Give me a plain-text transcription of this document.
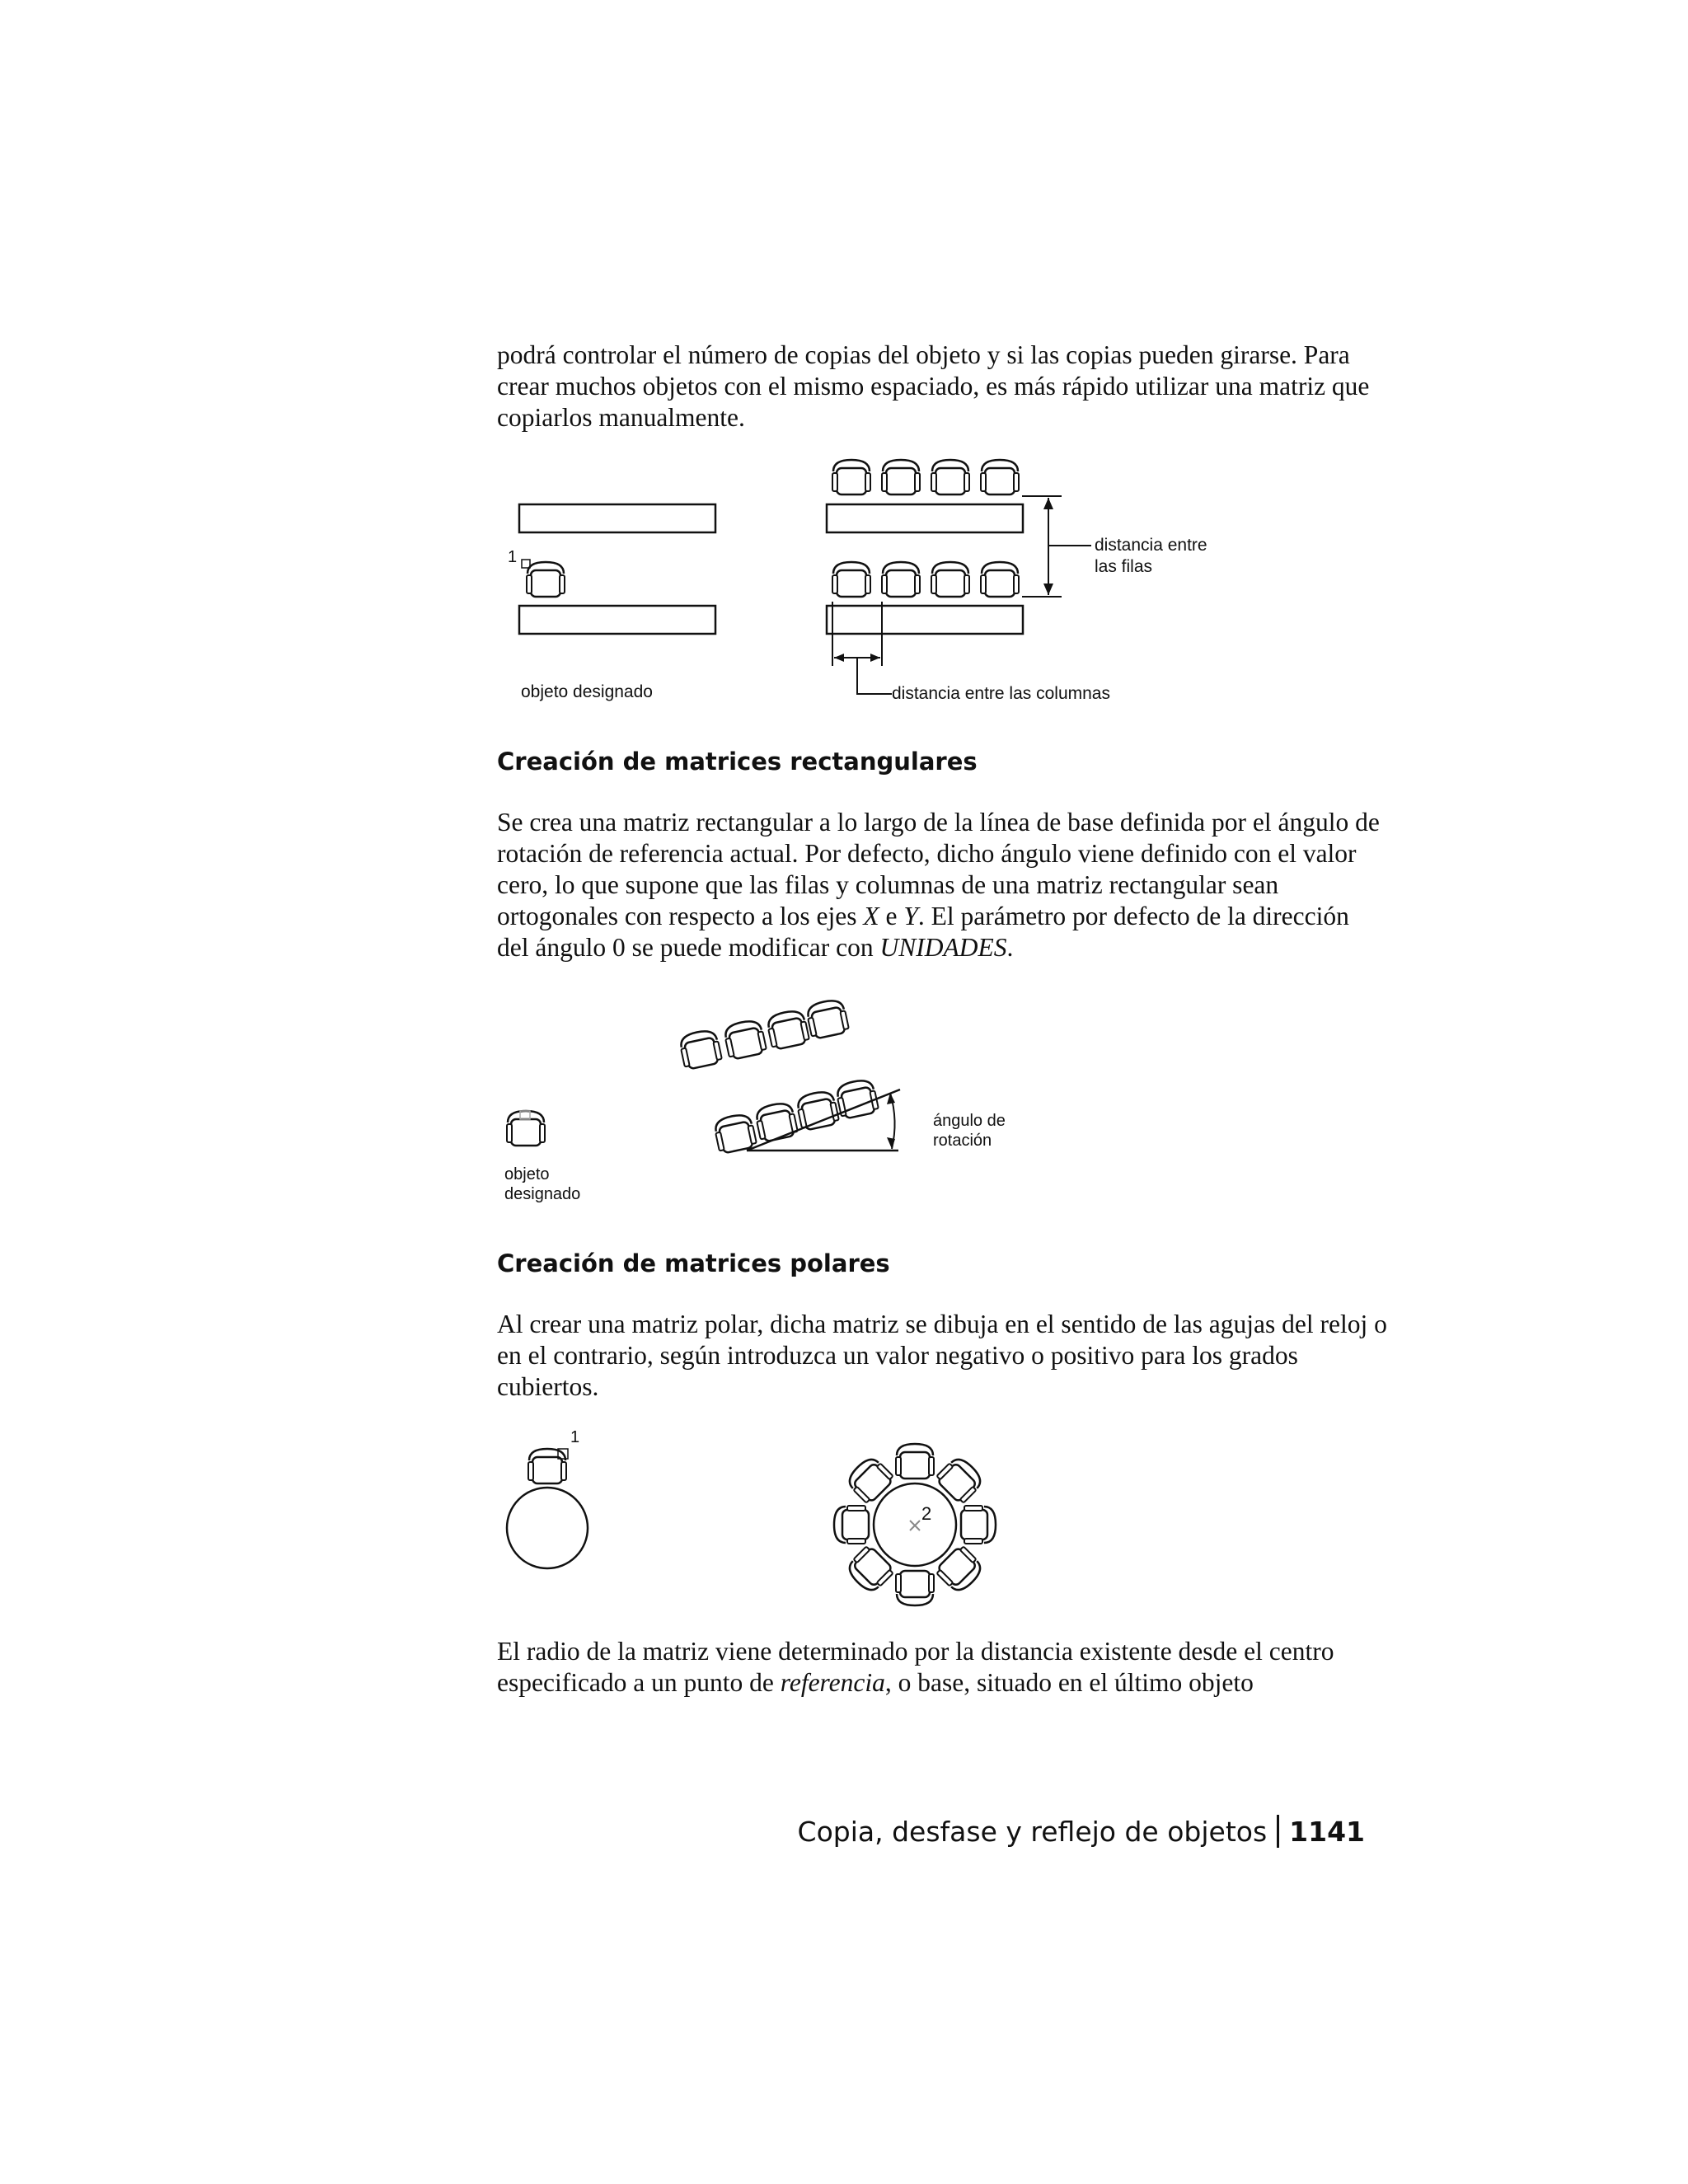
podrá controlar el número de copias del objeto y si las copias pueden girarse. Para crear muchos objetos con el mismo espaciado, es más rápido utilizar una matriz que copiarlos manualmente.

1
objeto designado
distancia entre
las filas
distancia entre las columnas

Creación de matrices rectangulares

Se crea una matriz rectangular a lo largo de la línea de base definida por el ángulo de rotación de referencia actual. Por defecto, dicho ángulo viene definido con el valor cero, lo que supone que las filas y columnas de una matriz rectangular sean ortogonales con respecto a los ejes X e Y. El parámetro por defecto de la dirección del ángulo 0 se puede modificar con UNIDADES.

objeto
designado
ángulo de
rotación

Creación de matrices polares

Al crear una matriz polar, dicha matriz se dibuja en el sentido de las agujas del reloj o en el contrario, según introduzca un valor negativo o positivo para los grados cubiertos.

1
2

El radio de la matriz viene determinado por la distancia existente desde el centro especificado a un punto de referencia, o base, situado en el último objeto

Copia, desfase y reflejo de objetos 1141
